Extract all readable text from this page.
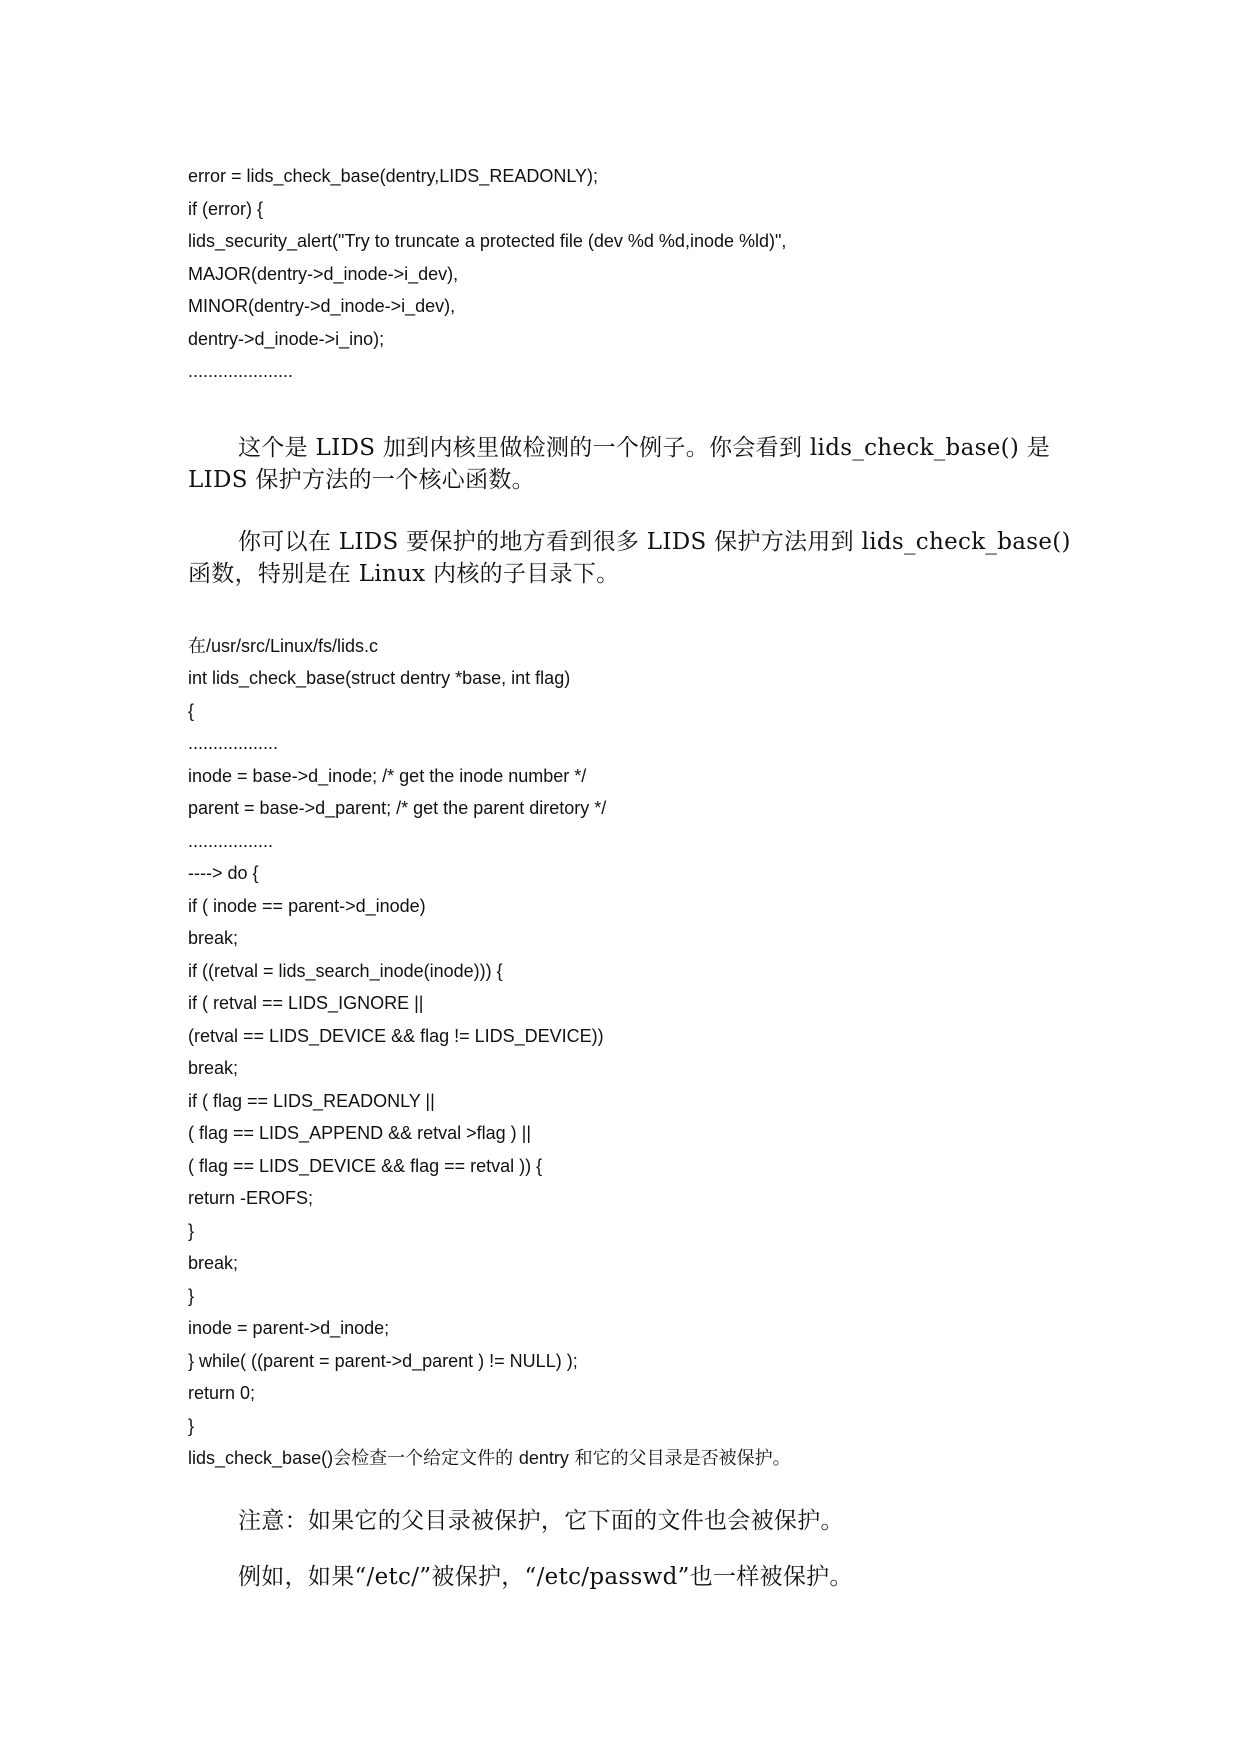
error = lids_check_base(dentry,LIDS_READONLY);
if (error) {
lids_security_alert("Try to truncate a protected file (dev %d %d,inode %ld)",
MAJOR(dentry->d_inode->i_dev),
MINOR(dentry->d_inode->i_dev),
dentry->d_inode->i_ino);
.....................
这个是 LIDS 加到内核里做检测的一个例子。你会看到 lids_check_base() 是 LIDS 保护方法的一个核心函数。
你可以在 LIDS 要保护的地方看到很多 LIDS 保护方法用到 lids_check_base()函数，特别是在 Linux 内核的子目录下。
在/usr/src/Linux/fs/lids.c
int lids_check_base(struct dentry *base, int flag)
{
..................
inode = base->d_inode; /* get the inode number */
parent = base->d_parent; /* get the parent diretory */
.................
----> do {
if ( inode == parent->d_inode)
break;
if ((retval = lids_search_inode(inode))) {
if ( retval == LIDS_IGNORE ||
(retval == LIDS_DEVICE && flag != LIDS_DEVICE))
break;
if ( flag == LIDS_READONLY ||
( flag == LIDS_APPEND && retval >flag ) ||
( flag == LIDS_DEVICE && flag == retval )) {
return -EROFS;
}
break;
}
inode = parent->d_inode;
} while( ((parent = parent->d_parent ) != NULL) );
return 0;
}
lids_check_base()会检查一个给定文件的 dentry 和它的父目录是否被保护。
注意：如果它的父目录被保护，它下面的文件也会被保护。
例如，如果“/etc/”被保护，“/etc/passwd”也一样被保护。
